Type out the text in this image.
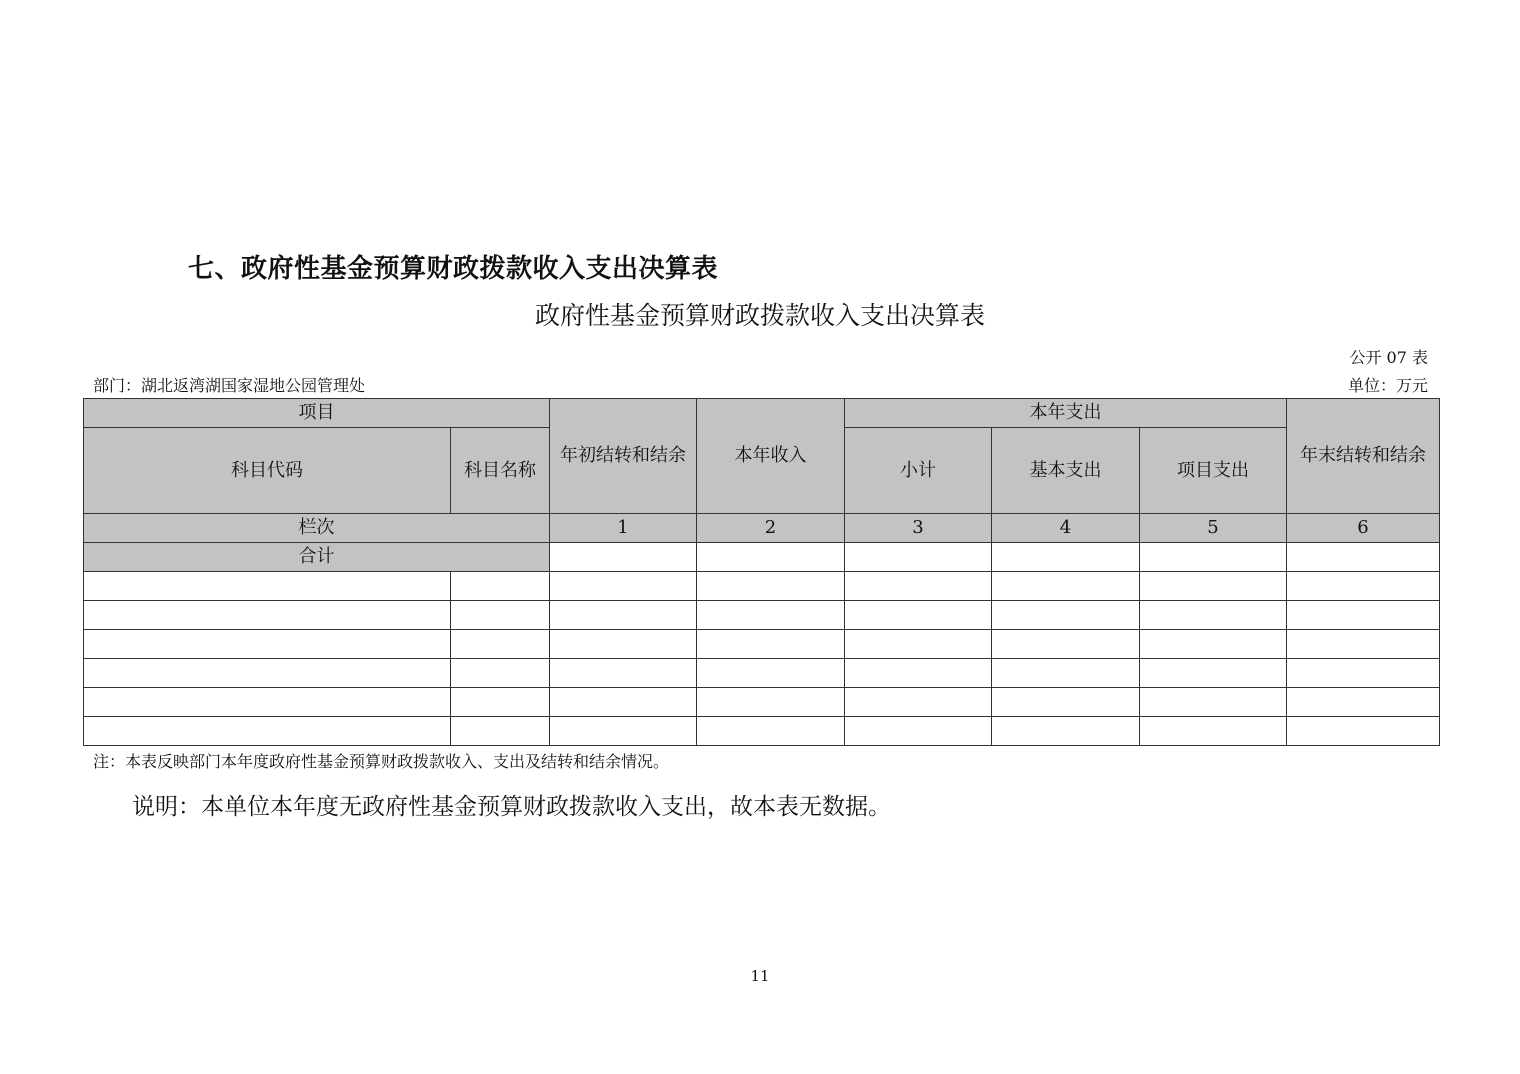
七、政府性基金预算财政拨款收入支出决算表
政府性基金预算财政拨款收入支出决算表
公开 07 表
部门：湖北返湾湖国家湿地公园管理处	单位：万元
项目		年初结转和结余	本年收入	本年支出			年末结转和结余
科目代码	科目名称			小计	基本支出	项目支出	
栏次		1	2	3	4	5	6
合计							

注：本表反映部门本年度政府性基金预算财政拨款收入、支出及结转和结余情况。
说明：本单位本年度无政府性基金预算财政拨款收入支出，故本表无数据。
11
